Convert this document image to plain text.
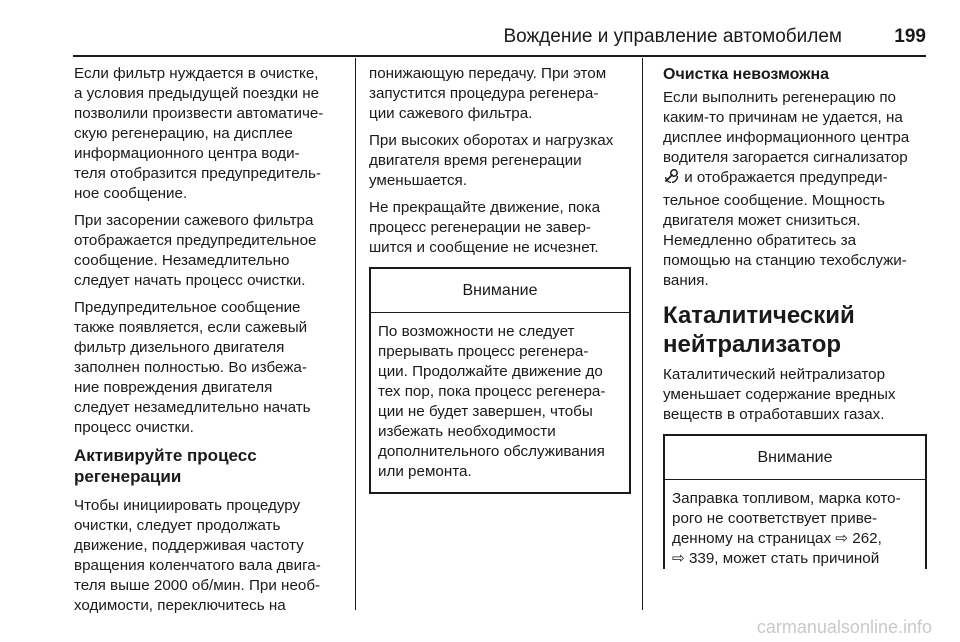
Вождение и управление автомобилем	199

Если фильтр нуждается в очистке,
а условия предыдущей поездки не
позволили произвести автоматиче-
скую регенерацию, на дисплее
информационного центра води-
теля отобразится предупредитель-
ное сообщение.

При засорении сажевого фильтра
отображается предупредительное
сообщение. Незамедлительно
следует начать процесс очистки.

Предупредительное сообщение
также появляется, если сажевый
фильтр дизельного двигателя
заполнен полностью. Во избежа-
ние повреждения двигателя
следует незамедлительно начать
процесс очистки.

Активируйте процесс
регенерации

Чтобы инициировать процедуру
очистки, следует продолжать
движение, поддерживая частоту
вращения коленчатого вала двига-
теля выше 2000 об/мин. При необ-
ходимости, переключитесь на

понижающую передачу. При этом
запустится процедура регенера-
ции сажевого фильтра.

При высоких оборотах и нагрузках
двигателя время регенерации
уменьшается.

Не прекращайте движение, пока
процесс регенерации не завер-
шится и сообщение не исчезнет.

Внимание
По возможности не следует
прерывать процесс регенера-
ции. Продолжайте движение до
тех пор, пока процесс регенера-
ции не будет завершен, чтобы
избежать необходимости
дополнительного обслуживания
или ремонта.
Очистка невозможна

Если выполнить регенерацию по
каким-то причинам не удается, на
дисплее информационного центра
водителя загорается сигнализатор
и отображается предупреди-
тельное сообщение. Мощность
двигателя может снизиться.
Немедленно обратитесь за
помощью на станцию техобслужи-
вания.

Каталитический
нейтрализатор

Каталитический нейтрализатор
уменьшает содержание вредных
веществ в отработавших газах.

Внимание
Заправка топливом, марка кото-
рого не соответствует приве-
денному на страницах ⇨ 262,
⇨ 339, может стать причиной
carmanualsonline.info
